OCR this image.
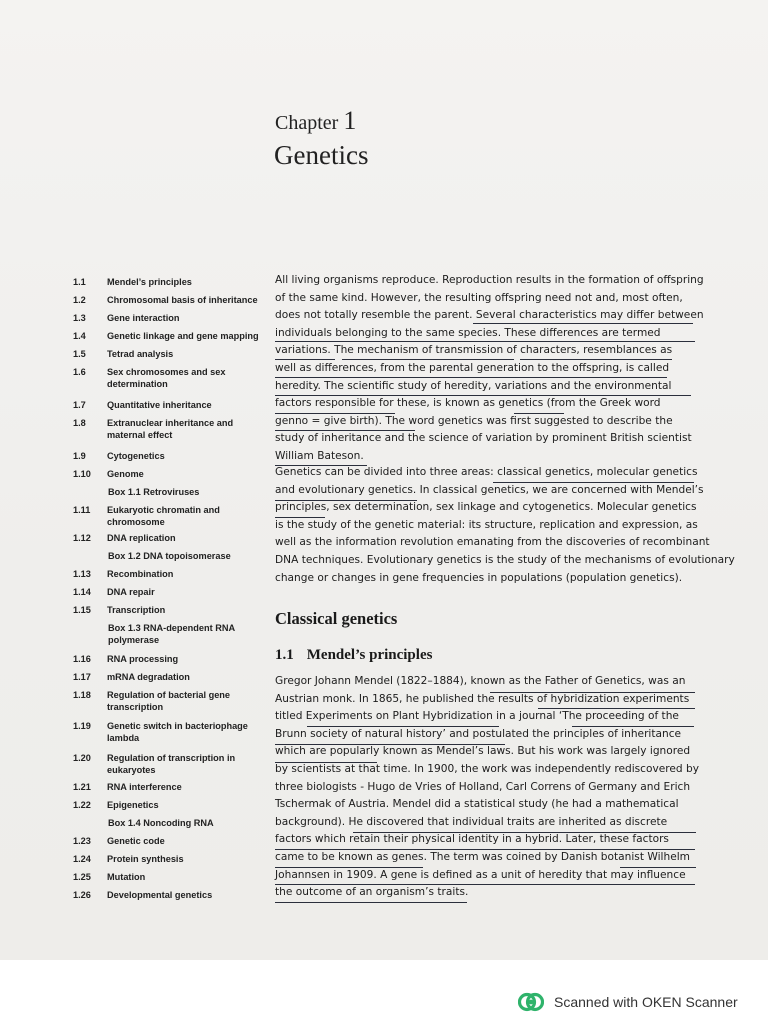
Chapter 1
Genetics
1.1 Mendel’s principles
1.2 Chromosomal basis of inheritance
1.3 Gene interaction
1.4 Genetic linkage and gene mapping
1.5 Tetrad analysis
1.6 Sex chromosomes and sex
determination
1.7 Quantitative inheritance
1.8 Extranuclear inheritance and
maternal effect
1.9 Cytogenetics
1.10 Genome
Box 1.1 Retroviruses
1.11 Eukaryotic chromatin and
chromosome
1.12 DNA replication
Box 1.2 DNA topoisomerase
1.13 Recombination
1.14 DNA repair
1.15 Transcription
Box 1.3 RNA-dependent RNA
polymerase
1.16 RNA processing
1.17 mRNA degradation
1.18 Regulation of bacterial gene
transcription
1.19 Genetic switch in bacteriophage
lambda
1.20 Regulation of transcription in
eukaryotes
1.21 RNA interference
1.22 Epigenetics
Box 1.4 Noncoding RNA
1.23 Genetic code
1.24 Protein synthesis
1.25 Mutation
1.26 Developmental genetics
All living organisms reproduce. Reproduction results in the formation of offspring
of the same kind. However, the resulting offspring need not and, most often,
does not totally resemble the parent. Several characteristics may differ between
individuals belonging to the same species. These differences are termed
variations. The mechanism of transmission of characters, resemblances as
well as differences, from the parental generation to the offspring, is called
heredity. The scientific study of heredity, variations and the environmental
factors responsible for these, is known as genetics (from the Greek word
genno = give birth). The word genetics was first suggested to describe the
study of inheritance and the science of variation by prominent British scientist
William Bateson.
Genetics can be divided into three areas: classical genetics, molecular genetics
and evolutionary genetics. In classical genetics, we are concerned with Mendel’s
principles, sex determination, sex linkage and cytogenetics. Molecular genetics
is the study of the genetic material: its structure, replication and expression, as
well as the information revolution emanating from the discoveries of recombinant
DNA techniques. Evolutionary genetics is the study of the mechanisms of evolutionary
change or changes in gene frequencies in populations (population genetics).
Classical genetics
1.1 Mendel’s principles
Gregor Johann Mendel (1822–1884), known as the Father of Genetics, was an
Austrian monk. In 1865, he published the results of hybridization experiments
titled Experiments on Plant Hybridization in a journal ‘The proceeding of the
Brunn society of natural history’ and postulated the principles of inheritance
which are popularly known as Mendel’s laws. But his work was largely ignored
by scientists at that time. In 1900, the work was independently rediscovered by
three biologists - Hugo de Vries of Holland, Carl Correns of Germany and Erich
Tschermak of Austria. Mendel did a statistical study (he had a mathematical
background). He discovered that individual traits are inherited as discrete
factors which retain their physical identity in a hybrid. Later, these factors
came to be known as genes. The term was coined by Danish botanist Wilhelm
Johannsen in 1909. A gene is defined as a unit of heredity that may influence
the outcome of an organism’s traits.
Scanned with OKEN Scanner
